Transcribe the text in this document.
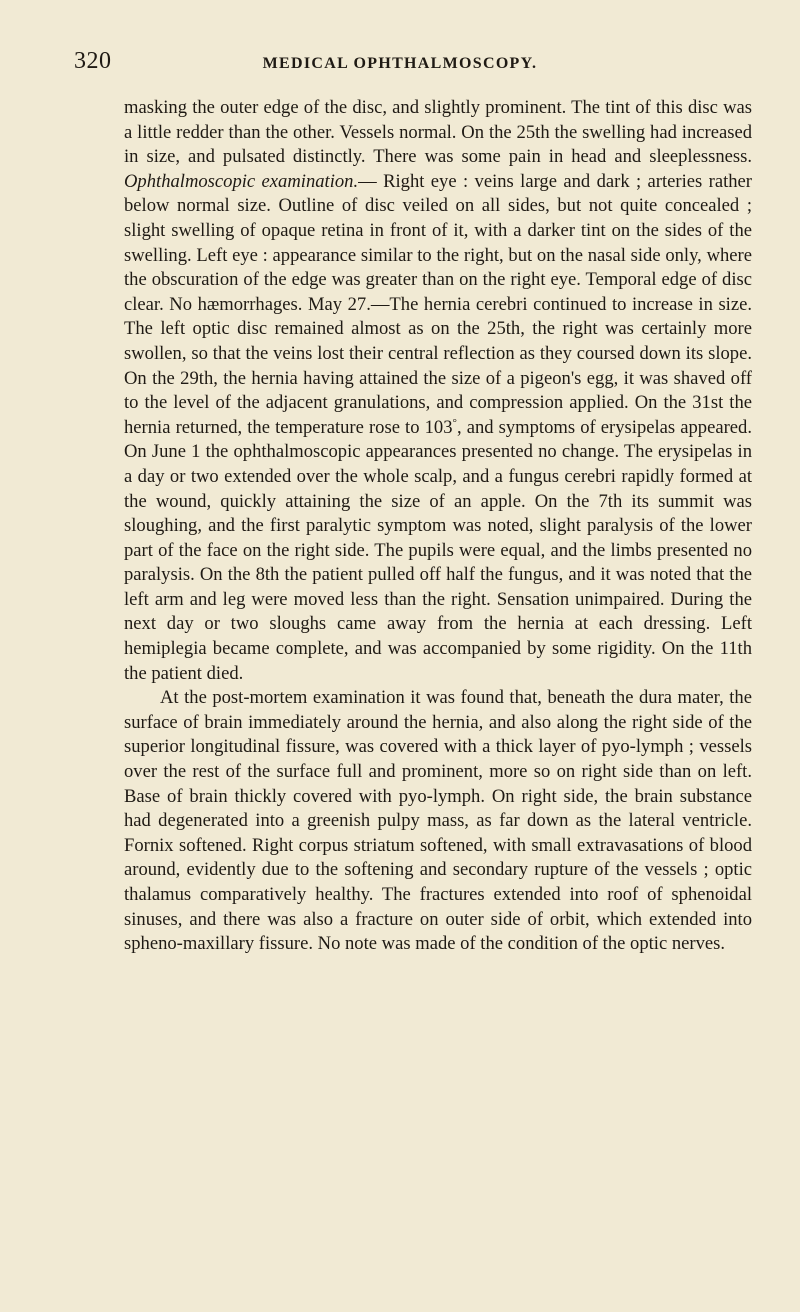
320	MEDICAL OPHTHALMOSCOPY.

masking the outer edge of the disc, and slightly prominent. The tint of this disc was a little redder than the other. Vessels normal. On the 25th the swelling had increased in size, and pulsated distinctly. There was some pain in head and sleeplessness. Ophthalmoscopic examination.— Right eye : veins large and dark ; arteries rather below normal size. Outline of disc veiled on all sides, but not quite concealed ; slight swelling of opaque retina in front of it, with a darker tint on the sides of the swelling. Left eye : appearance similar to the right, but on the nasal side only, where the obscuration of the edge was greater than on the right eye. Temporal edge of disc clear. No hæmorrhages. May 27.—The hernia cerebri continued to increase in size. The left optic disc remained almost as on the 25th, the right was certainly more swollen, so that the veins lost their central reflection as they coursed down its slope. On the 29th, the hernia having attained the size of a pigeon's egg, it was shaved off to the level of the adjacent granulations, and compression applied. On the 31st the hernia returned, the temperature rose to 103°, and symptoms of erysipelas appeared. On June 1 the ophthalmoscopic appearances presented no change. The erysipelas in a day or two extended over the whole scalp, and a fungus cerebri rapidly formed at the wound, quickly attaining the size of an apple. On the 7th its summit was sloughing, and the first paralytic symptom was noted, slight paralysis of the lower part of the face on the right side. The pupils were equal, and the limbs presented no paralysis. On the 8th the patient pulled off half the fungus, and it was noted that the left arm and leg were moved less than the right. Sensation unimpaired. During the next day or two sloughs came away from the hernia at each dressing. Left hemiplegia became complete, and was accompanied by some rigidity. On the 11th the patient died.

At the post-mortem examination it was found that, beneath the dura mater, the surface of brain immediately around the hernia, and also along the right side of the superior longitudinal fissure, was covered with a thick layer of pyo-lymph ; vessels over the rest of the surface full and prominent, more so on right side than on left. Base of brain thickly covered with pyo-lymph. On right side, the brain substance had degenerated into a greenish pulpy mass, as far down as the lateral ventricle. Fornix softened. Right corpus striatum softened, with small extravasations of blood around, evidently due to the softening and secondary rupture of the vessels ; optic thalamus comparatively healthy. The fractures extended into roof of sphenoidal sinuses, and there was also a fracture on outer side of orbit, which extended into spheno-maxillary fissure. No note was made of the condition of the optic nerves.
